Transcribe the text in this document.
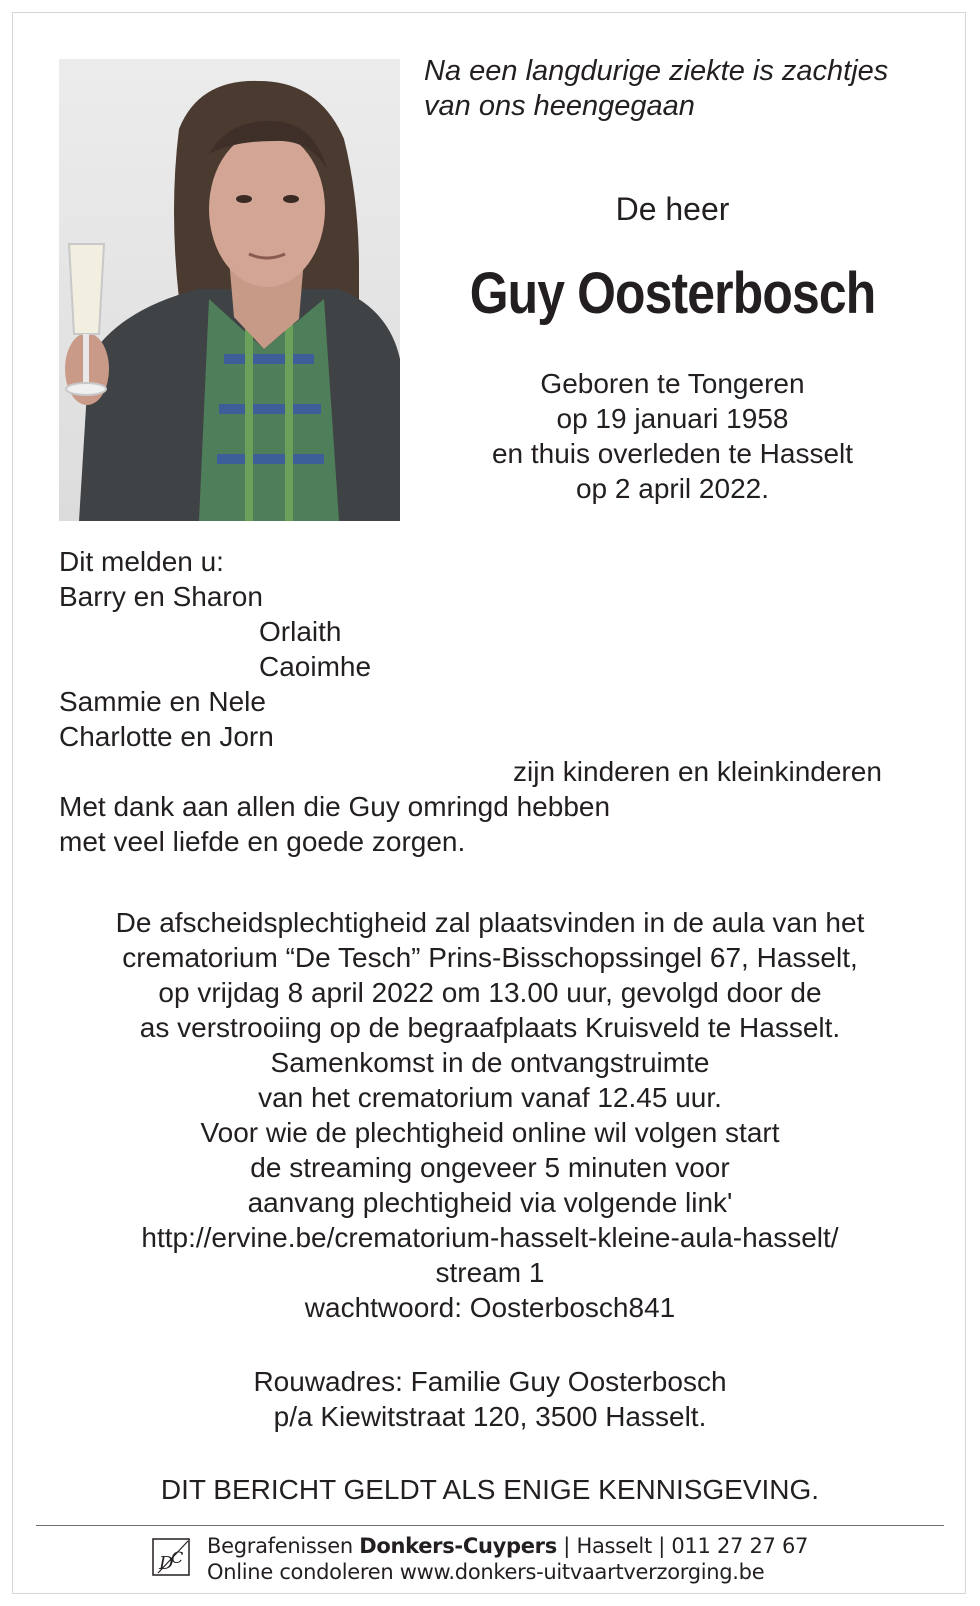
Na een langdurige ziekte is zachtjes
van ons heengegaan
De heer
Guy Oosterbosch
Geboren te Tongeren
op 19 januari 1958
en thuis overleden te Hasselt
op 2 april 2022.
Dit melden u:
Barry en Sharon
Orlaith
Caoimhe
Sammie en Nele
Charlotte en Jorn
zijn kinderen en kleinkinderen
Met dank aan allen die Guy omringd hebben
met veel liefde en goede zorgen.
De afscheidsplechtigheid zal plaatsvinden in de aula van het
crematorium “De Tesch” Prins-Bisschopssingel 67, Hasselt,
op vrijdag 8 april 2022 om 13.00 uur, gevolgd door de
as verstrooiing op de begraafplaats Kruisveld te Hasselt.
Samenkomst in de ontvangstruimte
van het crematorium vanaf 12.45 uur.
Voor wie de plechtigheid online wil volgen start
de streaming ongeveer 5 minuten voor
aanvang plechtigheid via volgende link'
http://ervine.be/crematorium-hasselt-kleine-aula-hasselt/
stream 1
wachtwoord: Oosterbosch841
Rouwadres: Familie Guy Oosterbosch
p/a Kiewitstraat 120, 3500 Hasselt.
DIT BERICHT GELDT ALS ENIGE KENNISGEVING.
D
C Begrafenissen Donkers-Cuypers | Hasselt | 011 27 27 67
Online condoleren www.donkers-uitvaartverzorging.be
